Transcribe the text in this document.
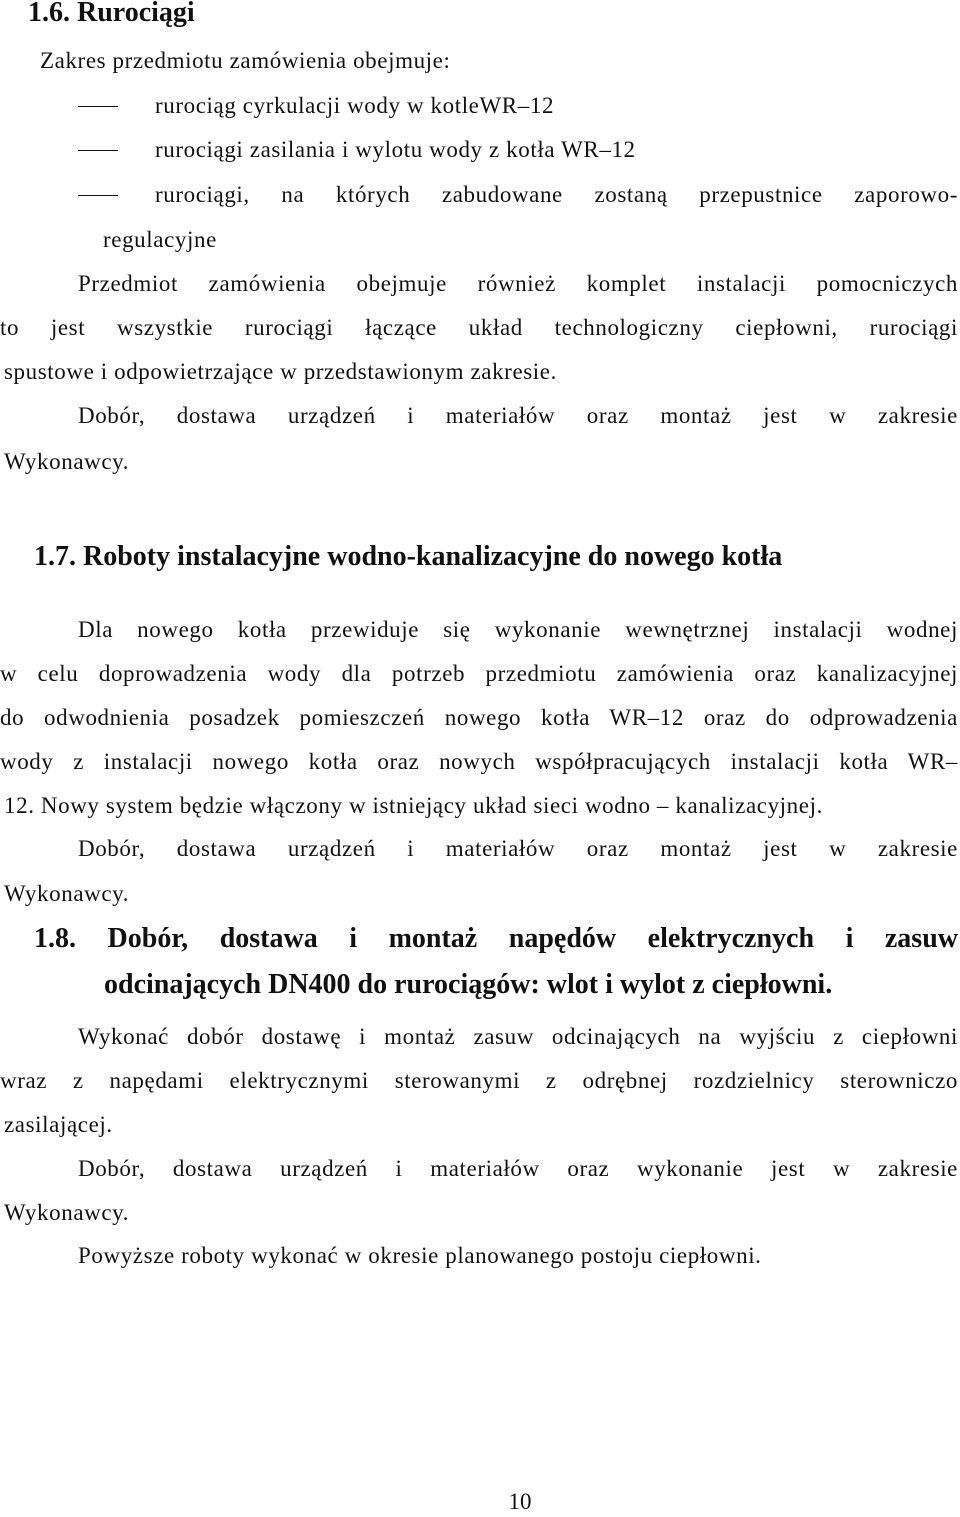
1.6. Rurociągi
Zakres przedmiotu zamówienia obejmuje:
rurociąg cyrkulacji wody w kotleWR–12
rurociągi zasilania i wylotu wody z kotła WR–12
rurociągi, na których zabudowane zostaną przepustnice zaporowo-
regulacyjne
Przedmiot zamówienia obejmuje również komplet instalacji pomocniczych
to jest wszystkie rurociągi łączące układ technologiczny ciepłowni, rurociągi
spustowe i odpowietrzające w przedstawionym zakresie.
Dobór, dostawa urządzeń i materiałów oraz montaż jest w zakresie
Wykonawcy.
1.7. Roboty instalacyjne wodno-kanalizacyjne do nowego kotła
Dla nowego kotła przewiduje się wykonanie wewnętrznej instalacji wodnej
w celu doprowadzenia wody dla potrzeb przedmiotu zamówienia oraz kanalizacyjnej
do odwodnienia posadzek pomieszczeń nowego kotła WR–12 oraz do odprowadzenia
wody z instalacji nowego kotła oraz nowych współpracujących instalacji kotła WR–
12. Nowy system będzie włączony w istniejący układ sieci wodno – kanalizacyjnej.
Dobór, dostawa urządzeń i materiałów oraz montaż jest w zakresie
Wykonawcy.
1.8. Dobór, dostawa i montaż napędów elektrycznych i zasuw
odcinających DN400 do rurociągów: wlot i wylot z ciepłowni.
Wykonać dobór dostawę i montaż zasuw odcinających na wyjściu z ciepłowni
wraz z napędami elektrycznymi sterowanymi z odrębnej rozdzielnicy sterowniczo
zasilającej.
Dobór, dostawa urządzeń i materiałów oraz wykonanie jest w zakresie
Wykonawcy.
Powyższe roboty wykonać w okresie planowanego postoju ciepłowni.
10
